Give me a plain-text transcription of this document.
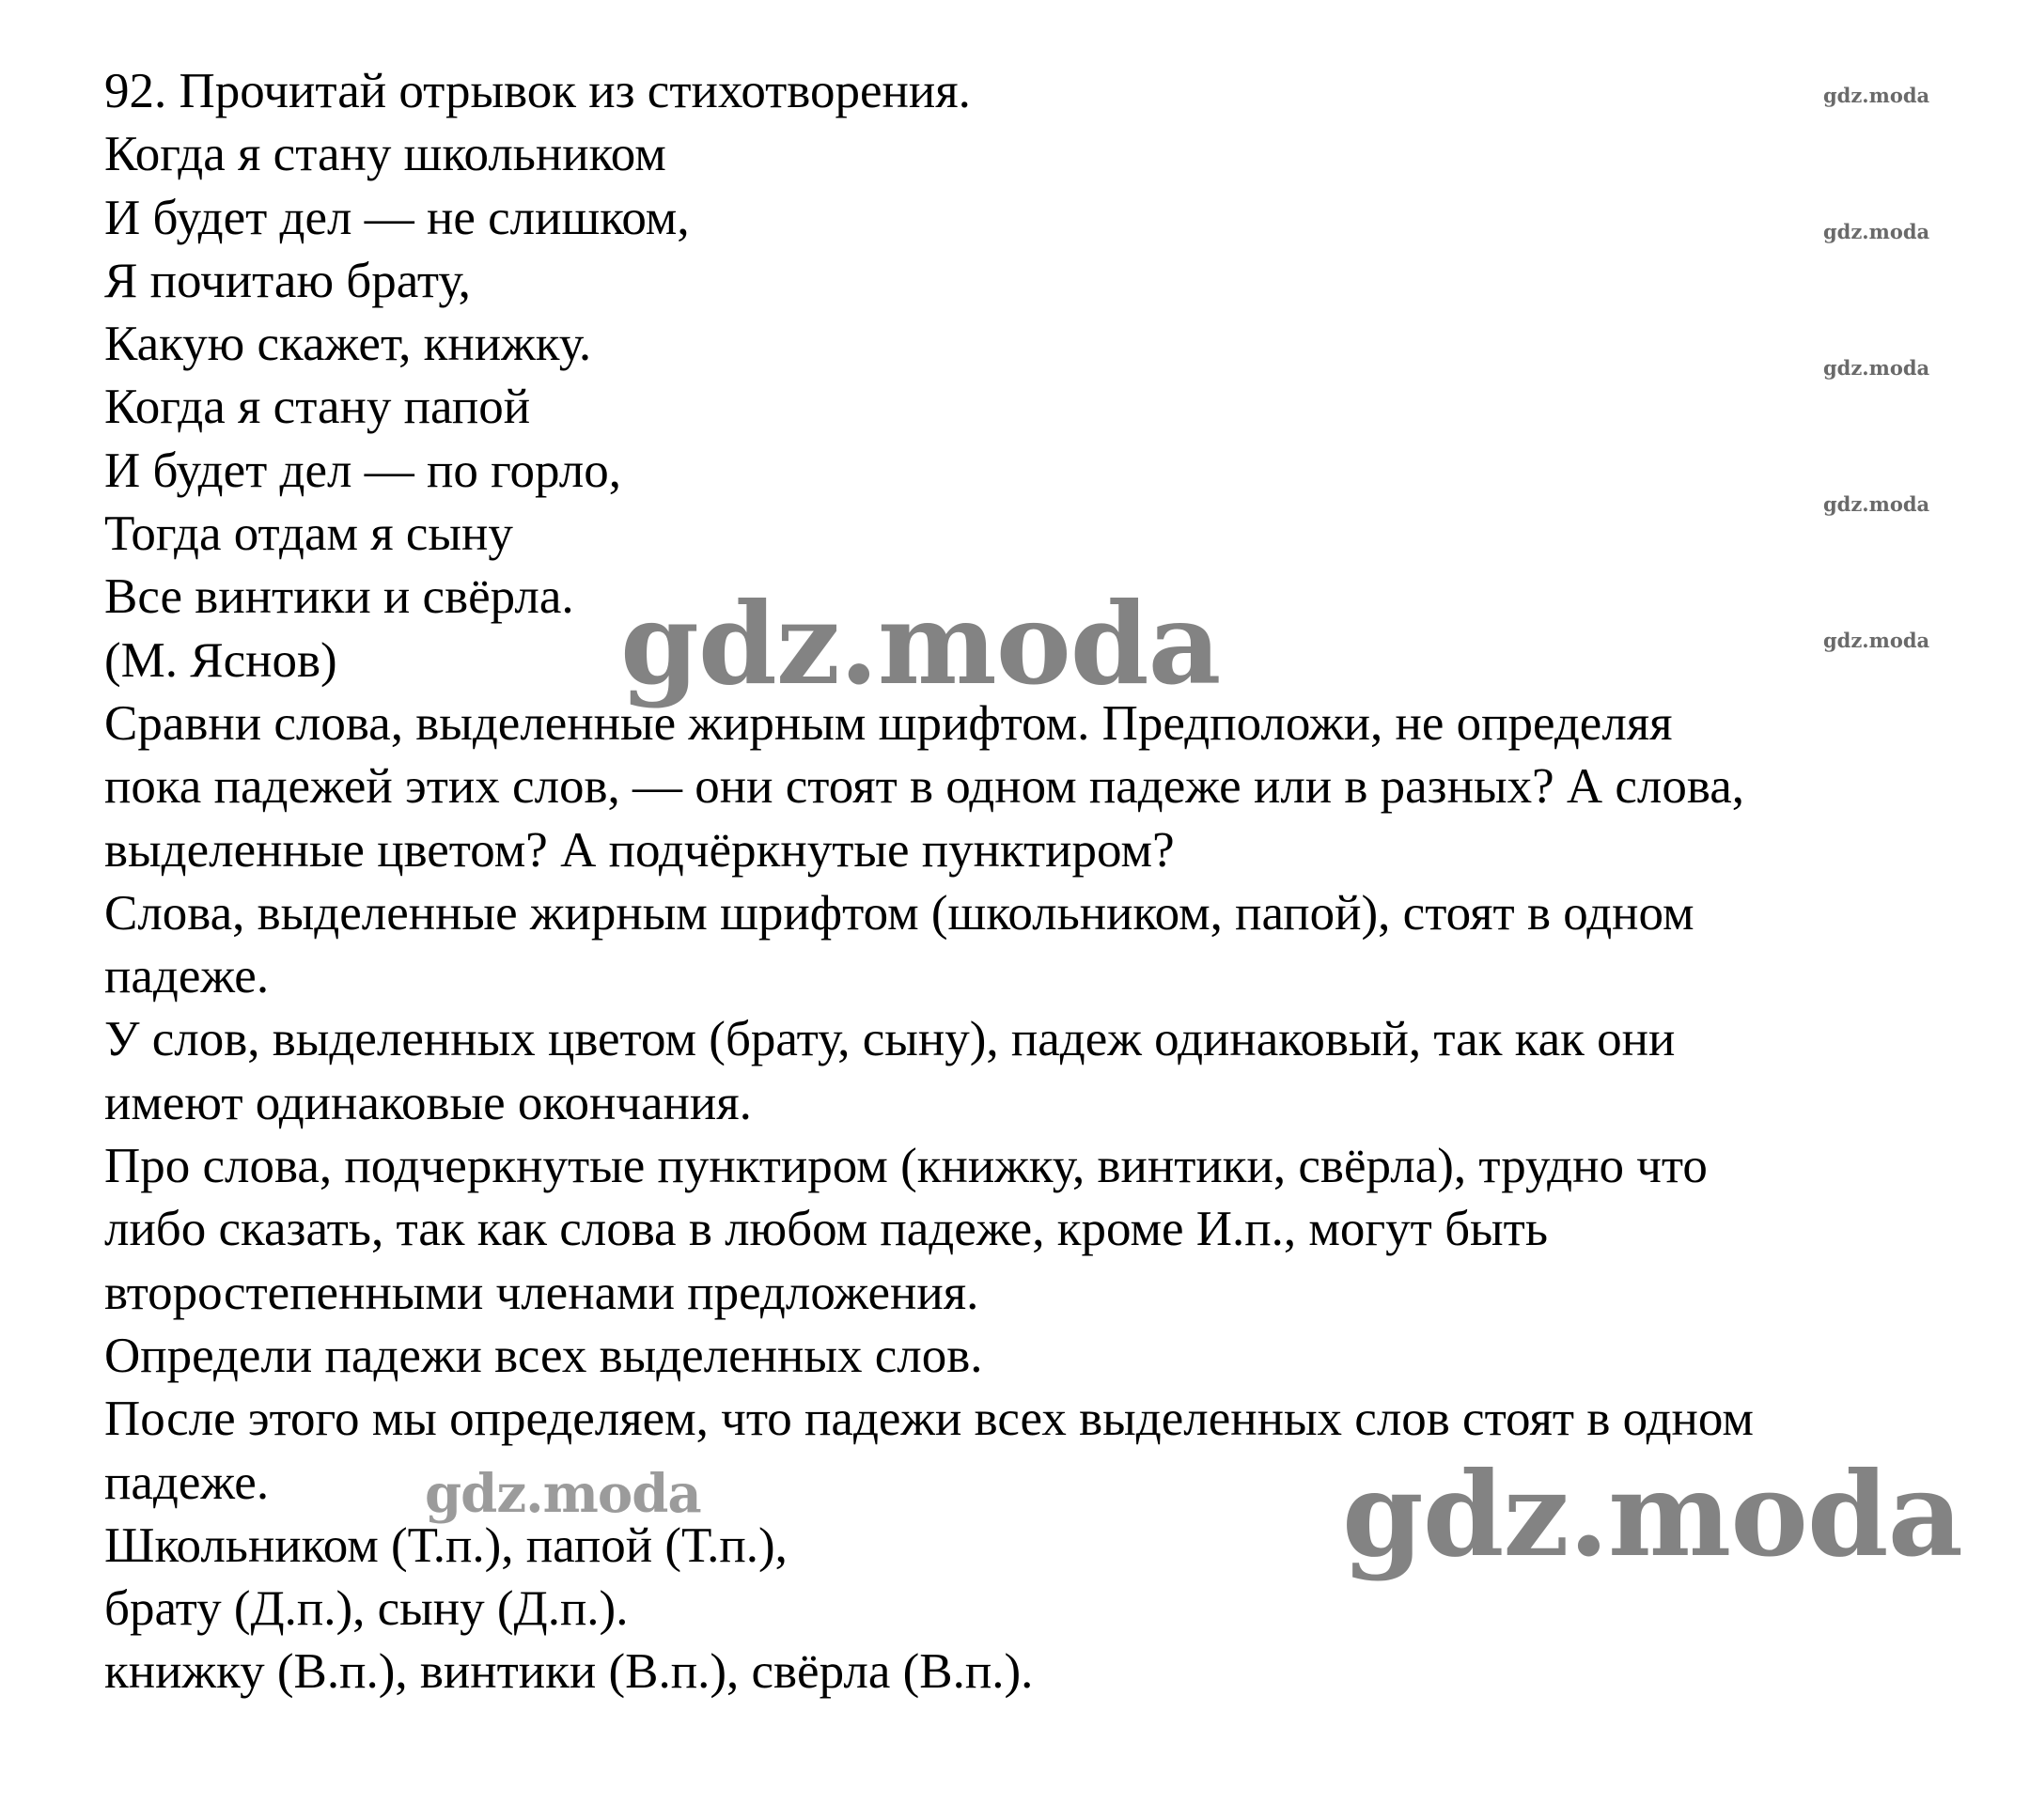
92. Прочитай отрывок из стихотворения.
Когда я стану школьником
И будет дел — не слишком,
Я почитаю брату,
Какую скажет, книжку.
Когда я стану папой
И будет дел — по горло,
Тогда отдам я сыну
Все винтики и свёрла.
(М. Яснов)
Сравни слова, выделенные жирным шрифтом. Предположи, не определяя
пока падежей этих слов, — они стоят в одном падеже или в разных? А слова,
выделенные цветом? А подчёркнутые пунктиром?
Слова, выделенные жирным шрифтом (школьником, папой), стоят в одном
падеже.
У слов, выделенных цветом (брату, сыну), падеж одинаковый, так как они
имеют одинаковые окончания.
Про слова, подчеркнутые пунктиром (книжку, винтики, свёрла), трудно что
либо сказать, так как слова в любом падеже, кроме И.п., могут быть
второстепенными членами предложения.
Определи падежи всех выделенных слов.
После этого мы определяем, что падежи всех выделенных слов стоят в одном
падеже.
Школьником (Т.п.), папой (Т.п.),
брату (Д.п.), сыну (Д.п.).
книжку (В.п.), винтики (В.п.), свёрла (В.п.).
gdz.moda
gdz.moda
gdz.moda
gdz.moda
gdz.moda
gdz.moda
gdz.moda	gdz.moda
